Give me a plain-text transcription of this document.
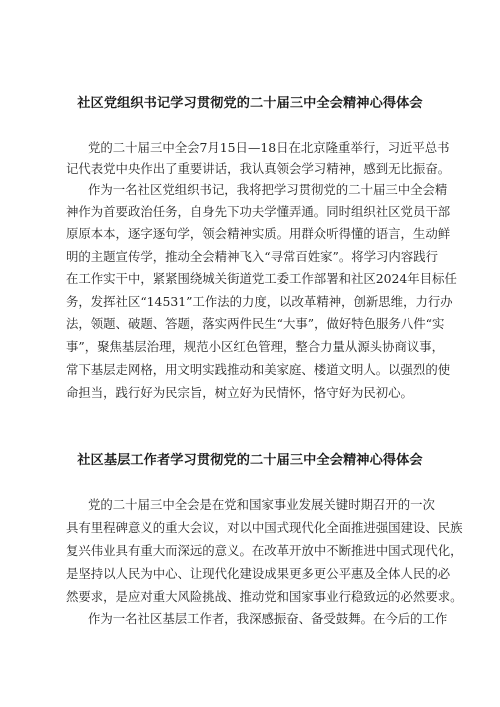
社区党组织书记学习贯彻党的二十届三中全会精神心得体会
党的二十届三中全会7月15日—18日在北京隆重举行，习近平总书
记代表党中央作出了重要讲话，我认真领会学习精神，感到无比振奋。
作为一名社区党组织书记，我将把学习贯彻党的二十届三中全会精
神作为首要政治任务，自身先下功夫学懂弄通。同时组织社区党员干部
原原本本，逐字逐句学，领会精神实质。用群众听得懂的语言，生动鲜
明的主题宣传学，推动全会精神飞入“寻常百姓家”。将学习内容践行
在工作实干中，紧紧围绕城关街道党工委工作部署和社区2024年目标任
务，发挥社区“14531”工作法的力度，以改革精神，创新思维，力行办
法，领题、破题、答题，落实两件民生“大事”，做好特色服务八件“实
事”，聚焦基层治理，规范小区红色管理，整合力量从源头协商议事，
常下基层走网格，用文明实践推动和美家庭、楼道文明人。以强烈的使
命担当，践行好为民宗旨，树立好为民情怀，恪守好为民初心。
社区基层工作者学习贯彻党的二十届三中全会精神心得体会
党的二十届三中全会是在党和国家事业发展关键时期召开的一次
具有里程碑意义的重大会议，对以中国式现代化全面推进强国建设、民族
复兴伟业具有重大而深远的意义。在改革开放中不断推进中国式现代化，
是坚持以人民为中心、让现代化建设成果更多更公平惠及全体人民的必
然要求，是应对重大风险挑战、推动党和国家事业行稳致远的必然要求。
作为一名社区基层工作者，我深感振奋、备受鼓舞。在今后的工作
